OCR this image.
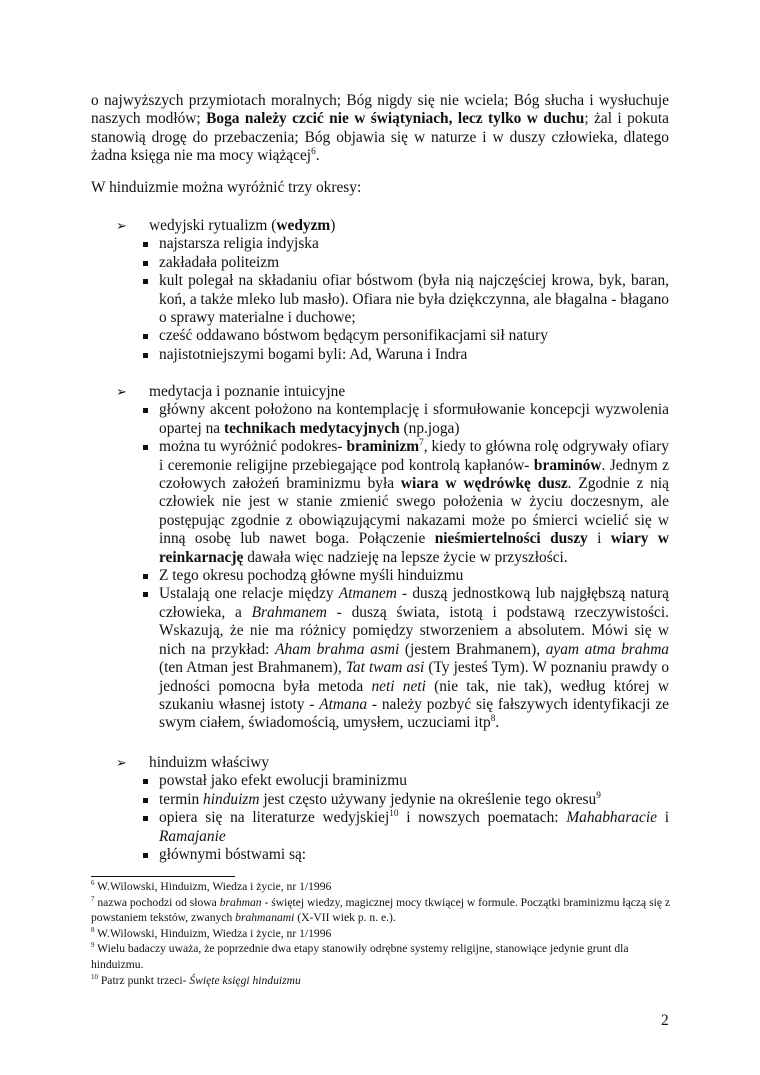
o najwyższych przymiotach moralnych; Bóg nigdy się nie wciela; Bóg słucha i wysłuchuje naszych modłów; Boga należy czcić nie w świątyniach, lecz tylko w duchu; żal i pokuta stanowią drogę do przebaczenia; Bóg objawia się w naturze i w duszy człowieka, dlatego żadna księga nie ma mocy wiążącej$^6$.
W hinduizmie można wyróżnić trzy okresy:
➢ wedyjski rytualizm (wedyzm)
najstarsza religia indyjska
zakładała politeizm
kult polegał na składaniu ofiar bóstwom (była nią najczęściej krowa, byk, baran, koń, a także mleko lub masło). Ofiara nie była dziękczynna, ale błagalna - błagano o sprawy materialne i duchowe;
cześć oddawano bóstwom będącym personifikacjami sił natury
najistotniejszymi bogami byli: Ad, Waruna i Indra
➢ medytacja i poznanie intuicyjne
główny akcent położono na kontemplację i sformułowanie koncepcji wyzwolenia opartej na technikach medytacyjnych (np.joga)
można tu wyróżnić podokres- braminizm$^7$, kiedy to główna rolę odgrywały ofiary i ceremonie religijne przebiegające pod kontrolą kapłanów- braminów. Jednym z czołowych założeń braminizmu była wiara w wędrówkę dusz. Zgodnie z nią człowiek nie jest w stanie zmienić swego położenia w życiu doczesnym, ale postępując zgodnie z obowiązującymi nakazami może po śmierci wcielić się w inną osobę lub nawet boga. Połączenie nieśmiertelności duszy i wiary w reinkarnację dawała więc nadzieję na lepsze życie w przyszłości.
Z tego okresu pochodzą główne myśli hinduizmu
Ustalają one relacje między Atmanem - duszą jednostkową lub najgłębszą naturą człowieka, a Brahmanem - duszą świata, istotą i podstawą rzeczywistości. Wskazują, że nie ma różnicy pomiędzy stworzeniem a absolutem. Mówi się w nich na przykład: Aham brahma asmi (jestem Brahmanem), ayam atma brahma (ten Atman jest Brahmanem), Tat twam asi (Ty jesteś Tym). W poznaniu prawdy o jedności pomocna była metoda neti neti (nie tak, nie tak), według której w szukaniu własnej istoty - Atmana - należy pozbyć się fałszywych identyfikacji ze swym ciałem, świadomością, umysłem, uczuciami itp$^8$.
➢ hinduizm właściwy
powstał jako efekt ewolucji braminizmu
termin hinduizm jest często używany jedynie na określenie tego okresu$^9$
opiera się na literaturze wedyjskiej$^{10}$ i nowszych poematach: Mahabharacie i Ramajanie
głównymi bóstwami są:
$^6$ W.Wilowski, Hinduizm, Wiedza i życie, nr 1/1996
$^7$ nazwa pochodzi od słowa brahman - świętej wiedzy, magicznej mocy tkwiącej w formule. Początki braminizmu łączą się z powstaniem tekstów, zwanych brahmanami (X-VII wiek p. n. e.).
$^8$ W.Wilowski, Hinduizm, Wiedza i życie, nr 1/1996
$^9$ Wielu badaczy uważa, że poprzednie dwa etapy stanowiły odrębne systemy religijne, stanowiące jedynie grunt dla hinduizmu.
$^{10}$ Patrz punkt trzeci- Święte księgi hinduizmu
2
